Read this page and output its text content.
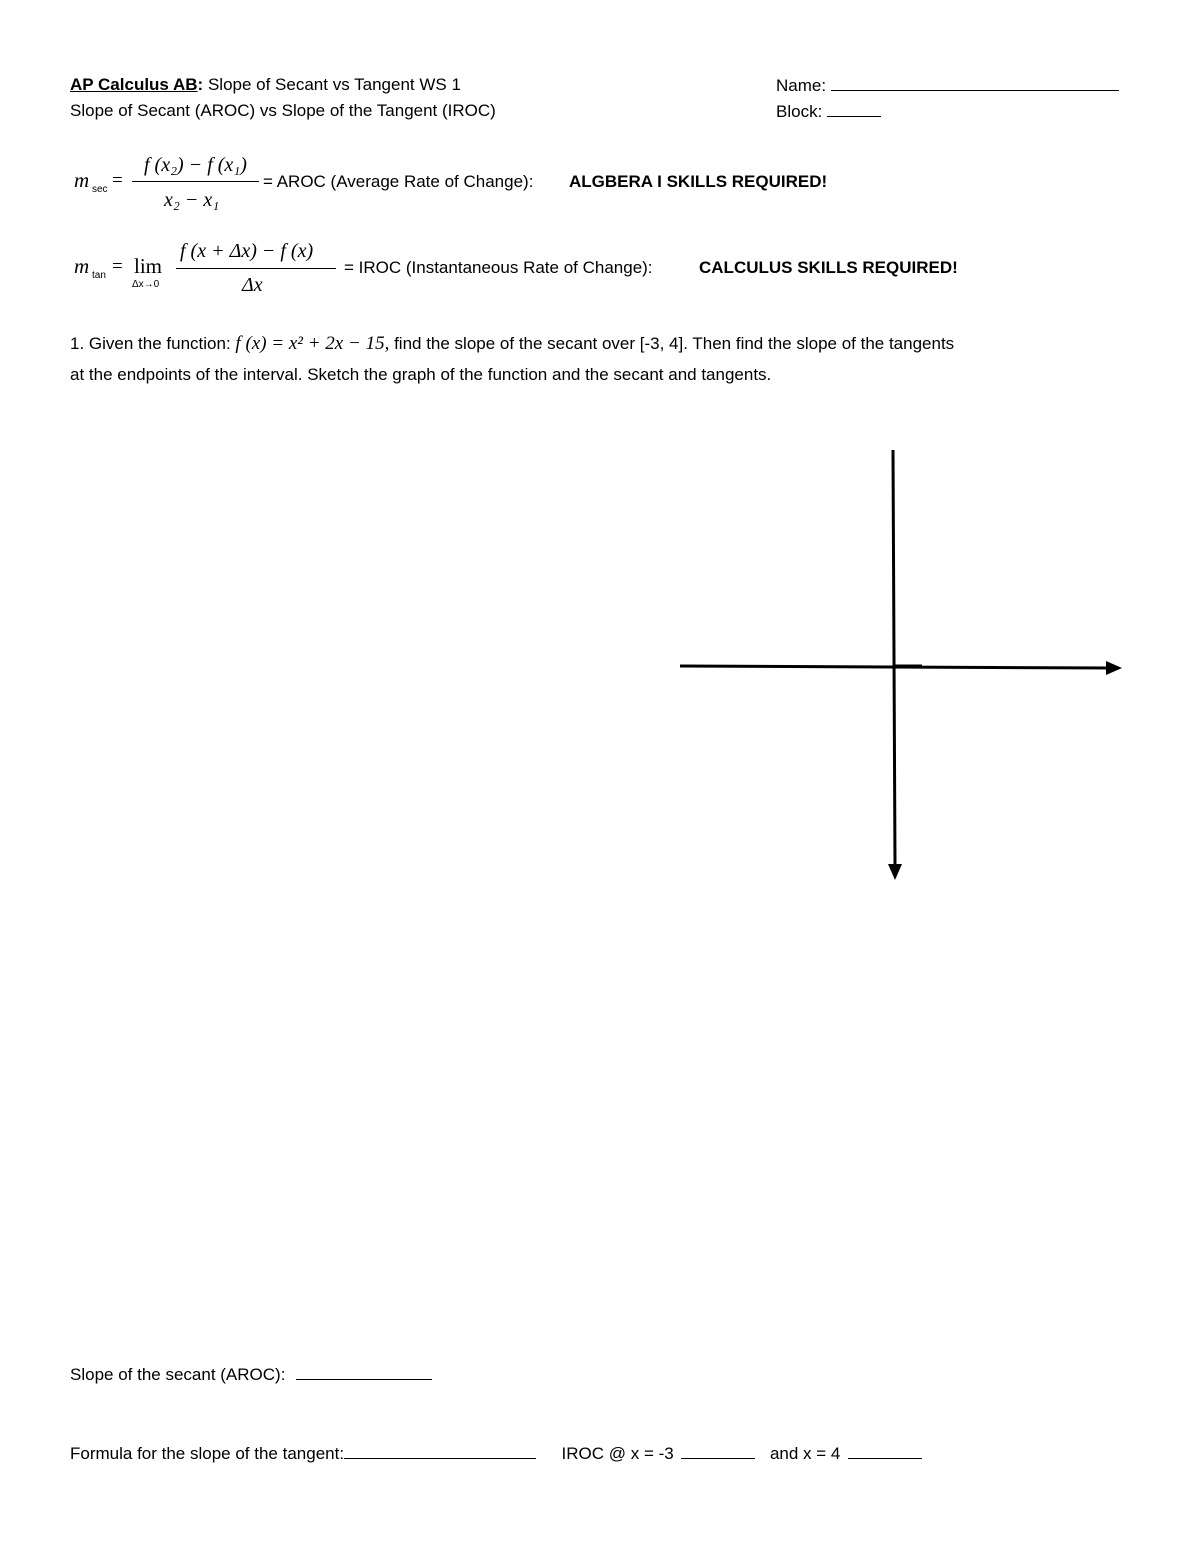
AP Calculus AB: Slope of Secant vs Tangent WS 1
Slope of Secant (AROC) vs Slope of the Tangent (IROC)
Name:
Block:
m sec =
f (x₂) − f (x₁)
x₂ − x₁
= AROC (Average Rate of Change): ALGBERA I SKILLS REQUIRED!
m tan = lim
Δx→0
f (x + Δx) − f (x)
Δx
= IROC (Instantaneous Rate of Change):	CALCULUS SKILLS REQUIRED!
1. Given the function: f (x) = x² + 2x − 15, find the slope of the secant over [-3, 4]. Then find the slope of the tangents
at the endpoints of the interval. Sketch the graph of the function and the secant and tangents.
Slope of the secant (AROC):
Formula for the slope of the tangent:	IROC @ x = -3	and x = 4
